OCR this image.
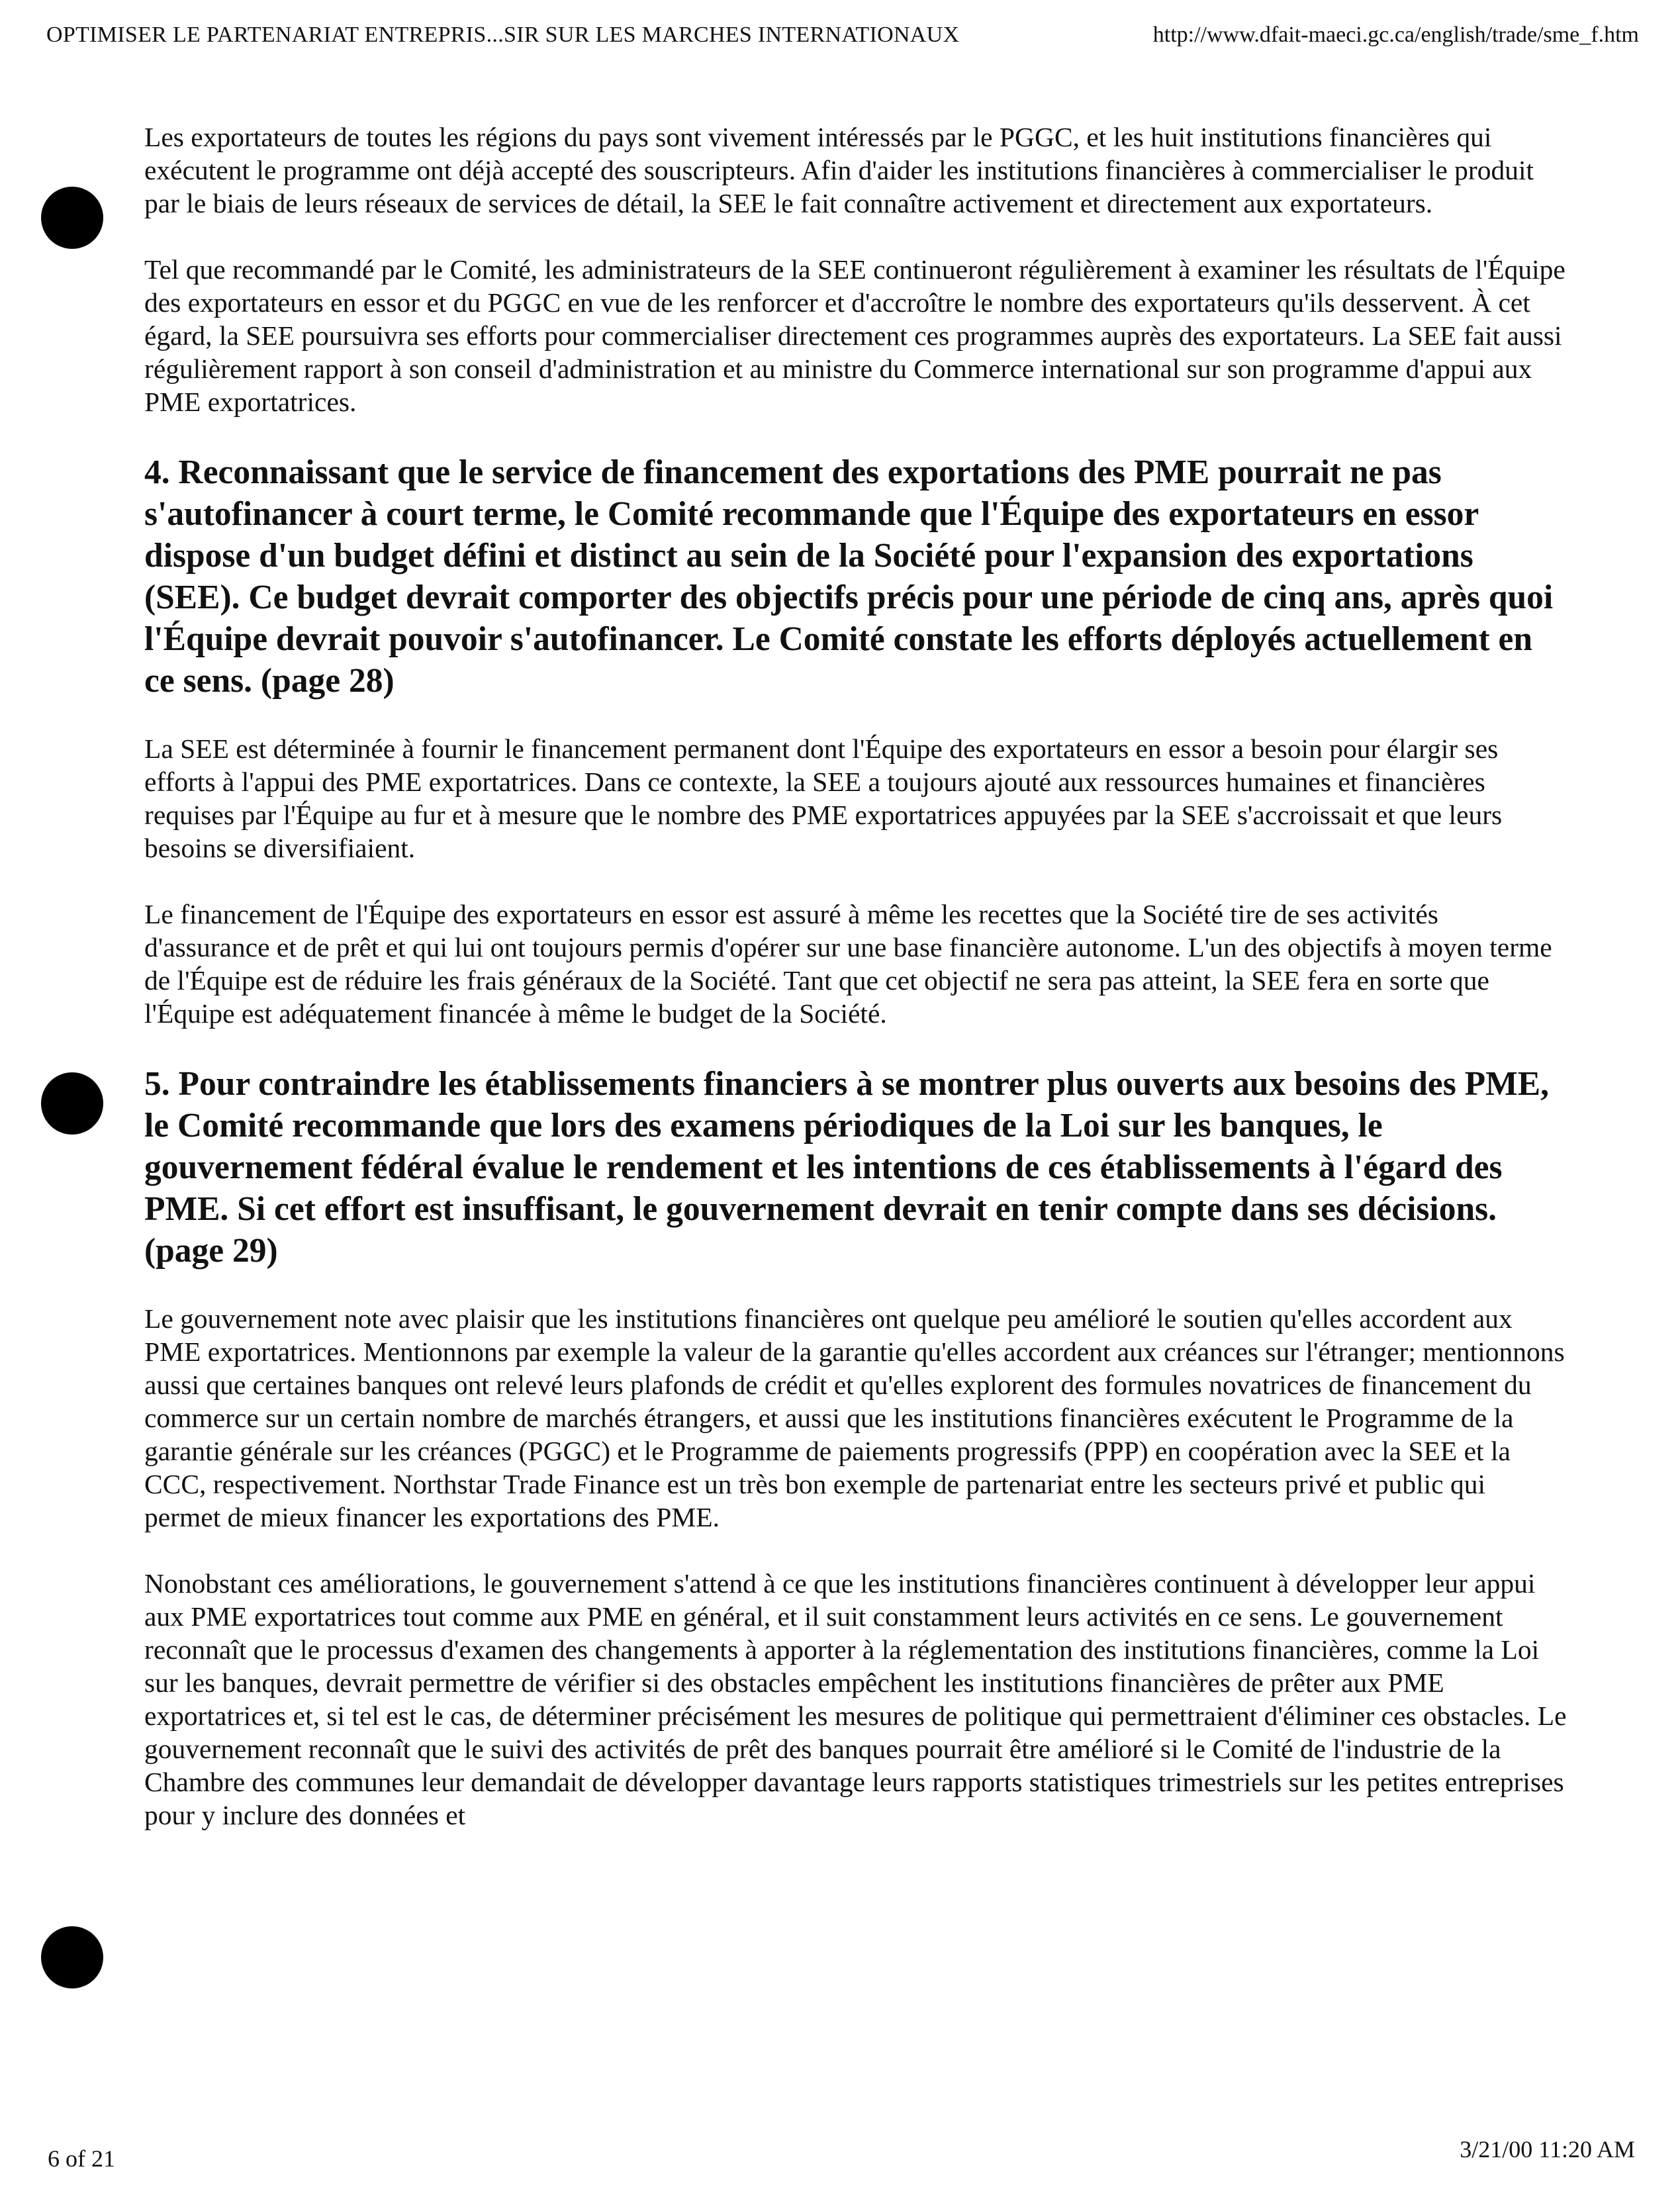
OPTIMISER LE PARTENARIAT ENTREPRIS...SIR SUR LES MARCHES INTERNATIONAUX	http://www.dfait-maeci.gc.ca/english/trade/sme_f.htm

Les exportateurs de toutes les régions du pays sont vivement intéressés par le PGGC, et les huit institutions financières qui exécutent le programme ont déjà accepté des souscripteurs. Afin d'aider les institutions financières à commercialiser le produit par le biais de leurs réseaux de services de détail, la SEE le fait connaître activement et directement aux exportateurs.

Tel que recommandé par le Comité, les administrateurs de la SEE continueront régulièrement à examiner les résultats de l'Équipe des exportateurs en essor et du PGGC en vue de les renforcer et d'accroître le nombre des exportateurs qu'ils desservent. À cet égard, la SEE poursuivra ses efforts pour commercialiser directement ces programmes auprès des exportateurs. La SEE fait aussi régulièrement rapport à son conseil d'administration et au ministre du Commerce international sur son programme d'appui aux PME exportatrices.

4. Reconnaissant que le service de financement des exportations des PME pourrait ne pas s'autofinancer à court terme, le Comité recommande que l'Équipe des exportateurs en essor dispose d'un budget défini et distinct au sein de la Société pour l'expansion des exportations (SEE). Ce budget devrait comporter des objectifs précis pour une période de cinq ans, après quoi l'Équipe devrait pouvoir s'autofinancer. Le Comité constate les efforts déployés actuellement en ce sens. (page 28)

La SEE est déterminée à fournir le financement permanent dont l'Équipe des exportateurs en essor a besoin pour élargir ses efforts à l'appui des PME exportatrices. Dans ce contexte, la SEE a toujours ajouté aux ressources humaines et financières requises par l'Équipe au fur et à mesure que le nombre des PME exportatrices appuyées par la SEE s'accroissait et que leurs besoins se diversifiaient.

Le financement de l'Équipe des exportateurs en essor est assuré à même les recettes que la Société tire de ses activités d'assurance et de prêt et qui lui ont toujours permis d'opérer sur une base financière autonome. L'un des objectifs à moyen terme de l'Équipe est de réduire les frais généraux de la Société. Tant que cet objectif ne sera pas atteint, la SEE fera en sorte que l'Équipe est adéquatement financée à même le budget de la Société.

5. Pour contraindre les établissements financiers à se montrer plus ouverts aux besoins des PME, le Comité recommande que lors des examens périodiques de la Loi sur les banques, le gouvernement fédéral évalue le rendement et les intentions de ces établissements à l'égard des PME. Si cet effort est insuffisant, le gouvernement devrait en tenir compte dans ses décisions. (page 29)

Le gouvernement note avec plaisir que les institutions financières ont quelque peu amélioré le soutien qu'elles accordent aux PME exportatrices. Mentionnons par exemple la valeur de la garantie qu'elles accordent aux créances sur l'étranger; mentionnons aussi que certaines banques ont relevé leurs plafonds de crédit et qu'elles explorent des formules novatrices de financement du commerce sur un certain nombre de marchés étrangers, et aussi que les institutions financières exécutent le Programme de la garantie générale sur les créances (PGGC) et le Programme de paiements progressifs (PPP) en coopération avec la SEE et la CCC, respectivement. Northstar Trade Finance est un très bon exemple de partenariat entre les secteurs privé et public qui permet de mieux financer les exportations des PME.

Nonobstant ces améliorations, le gouvernement s'attend à ce que les institutions financières continuent à développer leur appui aux PME exportatrices tout comme aux PME en général, et il suit constamment leurs activités en ce sens. Le gouvernement reconnaît que le processus d'examen des changements à apporter à la réglementation des institutions financières, comme la Loi sur les banques, devrait permettre de vérifier si des obstacles empêchent les institutions financières de prêter aux PME exportatrices et, si tel est le cas, de déterminer précisément les mesures de politique qui permettraient d'éliminer ces obstacles. Le gouvernement reconnaît que le suivi des activités de prêt des banques pourrait être amélioré si le Comité de l'industrie de la Chambre des communes leur demandait de développer davantage leurs rapports statistiques trimestriels sur les petites entreprises pour y inclure des données et

6 of 21	3/21/00 11:20 AM
